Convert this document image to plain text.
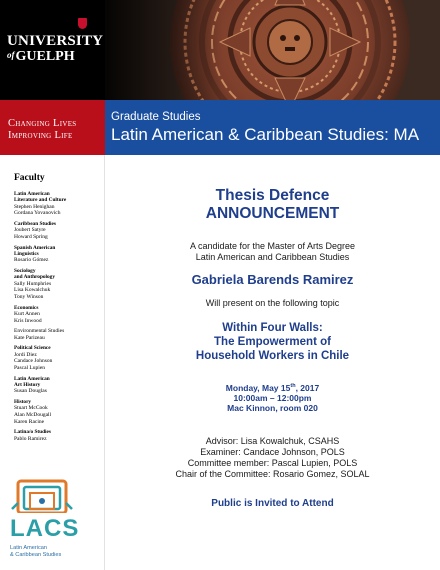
UNIVERSITY
ofGUELPH
Changing Lives
Improving Life
Graduate Studies
Latin American & Caribbean Studies: MA
Faculty
Latin American
Literature and Culture
Stephen Henighan
Gordana Yovanovich
Caribbean Studies
Joubert Satyre
Howard Spring
Spanish American
Linguistics
Rosario Gómez
Sociology
and Anthropology
Sally Humphries
Lisa Kowalchuk
Tony Winson
Economics
Kurt Annen
Kris Inwood
Environmental Studies
Kate Parizeau
Political Science
Jordi Diez
Candace Johnson
Pascal Lupien
Latin American
Art History
Susan Douglas
History
Stuart McCook
Alan McDougall
Karen Racine
Latina/o Studies
Pablo Ramirez
LACS
Latin American
& Caribbean Studies
Thesis Defence
ANNOUNCEMENT
A candidate for the Master of Arts Degree
Latin American and Caribbean Studies
Gabriela Barends Ramirez
Will present on the following topic
Within Four Walls:
The Empowerment of
Household Workers in Chile
Monday, May 15th, 2017
10:00am – 12:00pm
Mac Kinnon, room 020
Advisor: Lisa Kowalchuk, CSAHS
Examiner: Candace Johnson, POLS
Committee member: Pascal Lupien, POLS
Chair of the Committee: Rosario Gomez, SOLAL
Public is Invited to Attend
